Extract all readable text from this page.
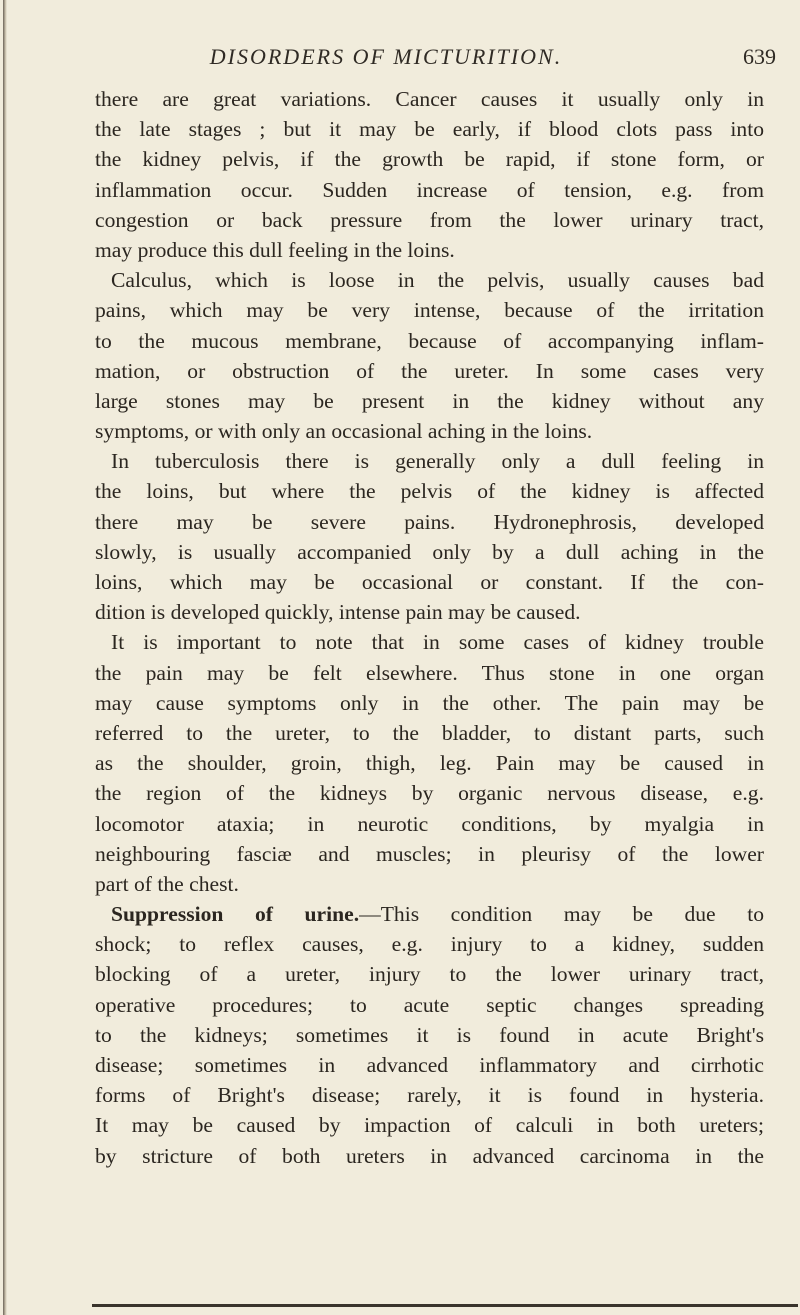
DISORDERS OF MICTURITION.	639
there are great variations. Cancer causes it usually only in
the late stages ; but it may be early, if blood clots pass into
the kidney pelvis, if the growth be rapid, if stone form, or
inflammation occur. Sudden increase of tension, e.g. from
congestion or back pressure from the lower urinary tract,
may produce this dull feeling in the loins.
Calculus, which is loose in the pelvis, usually causes bad
pains, which may be very intense, because of the irritation
to the mucous membrane, because of accompanying inflam-
mation, or obstruction of the ureter. In some cases very
large stones may be present in the kidney without any
symptoms, or with only an occasional aching in the loins.
In tuberculosis there is generally only a dull feeling in
the loins, but where the pelvis of the kidney is affected
there may be severe pains. Hydronephrosis, developed
slowly, is usually accompanied only by a dull aching in the
loins, which may be occasional or constant. If the con-
dition is developed quickly, intense pain may be caused.
It is important to note that in some cases of kidney trouble
the pain may be felt elsewhere. Thus stone in one organ
may cause symptoms only in the other. The pain may be
referred to the ureter, to the bladder, to distant parts, such
as the shoulder, groin, thigh, leg. Pain may be caused in
the region of the kidneys by organic nervous disease, e.g.
locomotor ataxia; in neurotic conditions, by myalgia in
neighbouring fasciæ and muscles; in pleurisy of the lower
part of the chest.
Suppression of urine.—This condition may be due to
shock; to reflex causes, e.g. injury to a kidney, sudden
blocking of a ureter, injury to the lower urinary tract,
operative procedures; to acute septic changes spreading
to the kidneys; sometimes it is found in acute Bright's
disease; sometimes in advanced inflammatory and cirrhotic
forms of Bright's disease; rarely, it is found in hysteria.
It may be caused by impaction of calculi in both ureters;
by stricture of both ureters in advanced carcinoma in the
